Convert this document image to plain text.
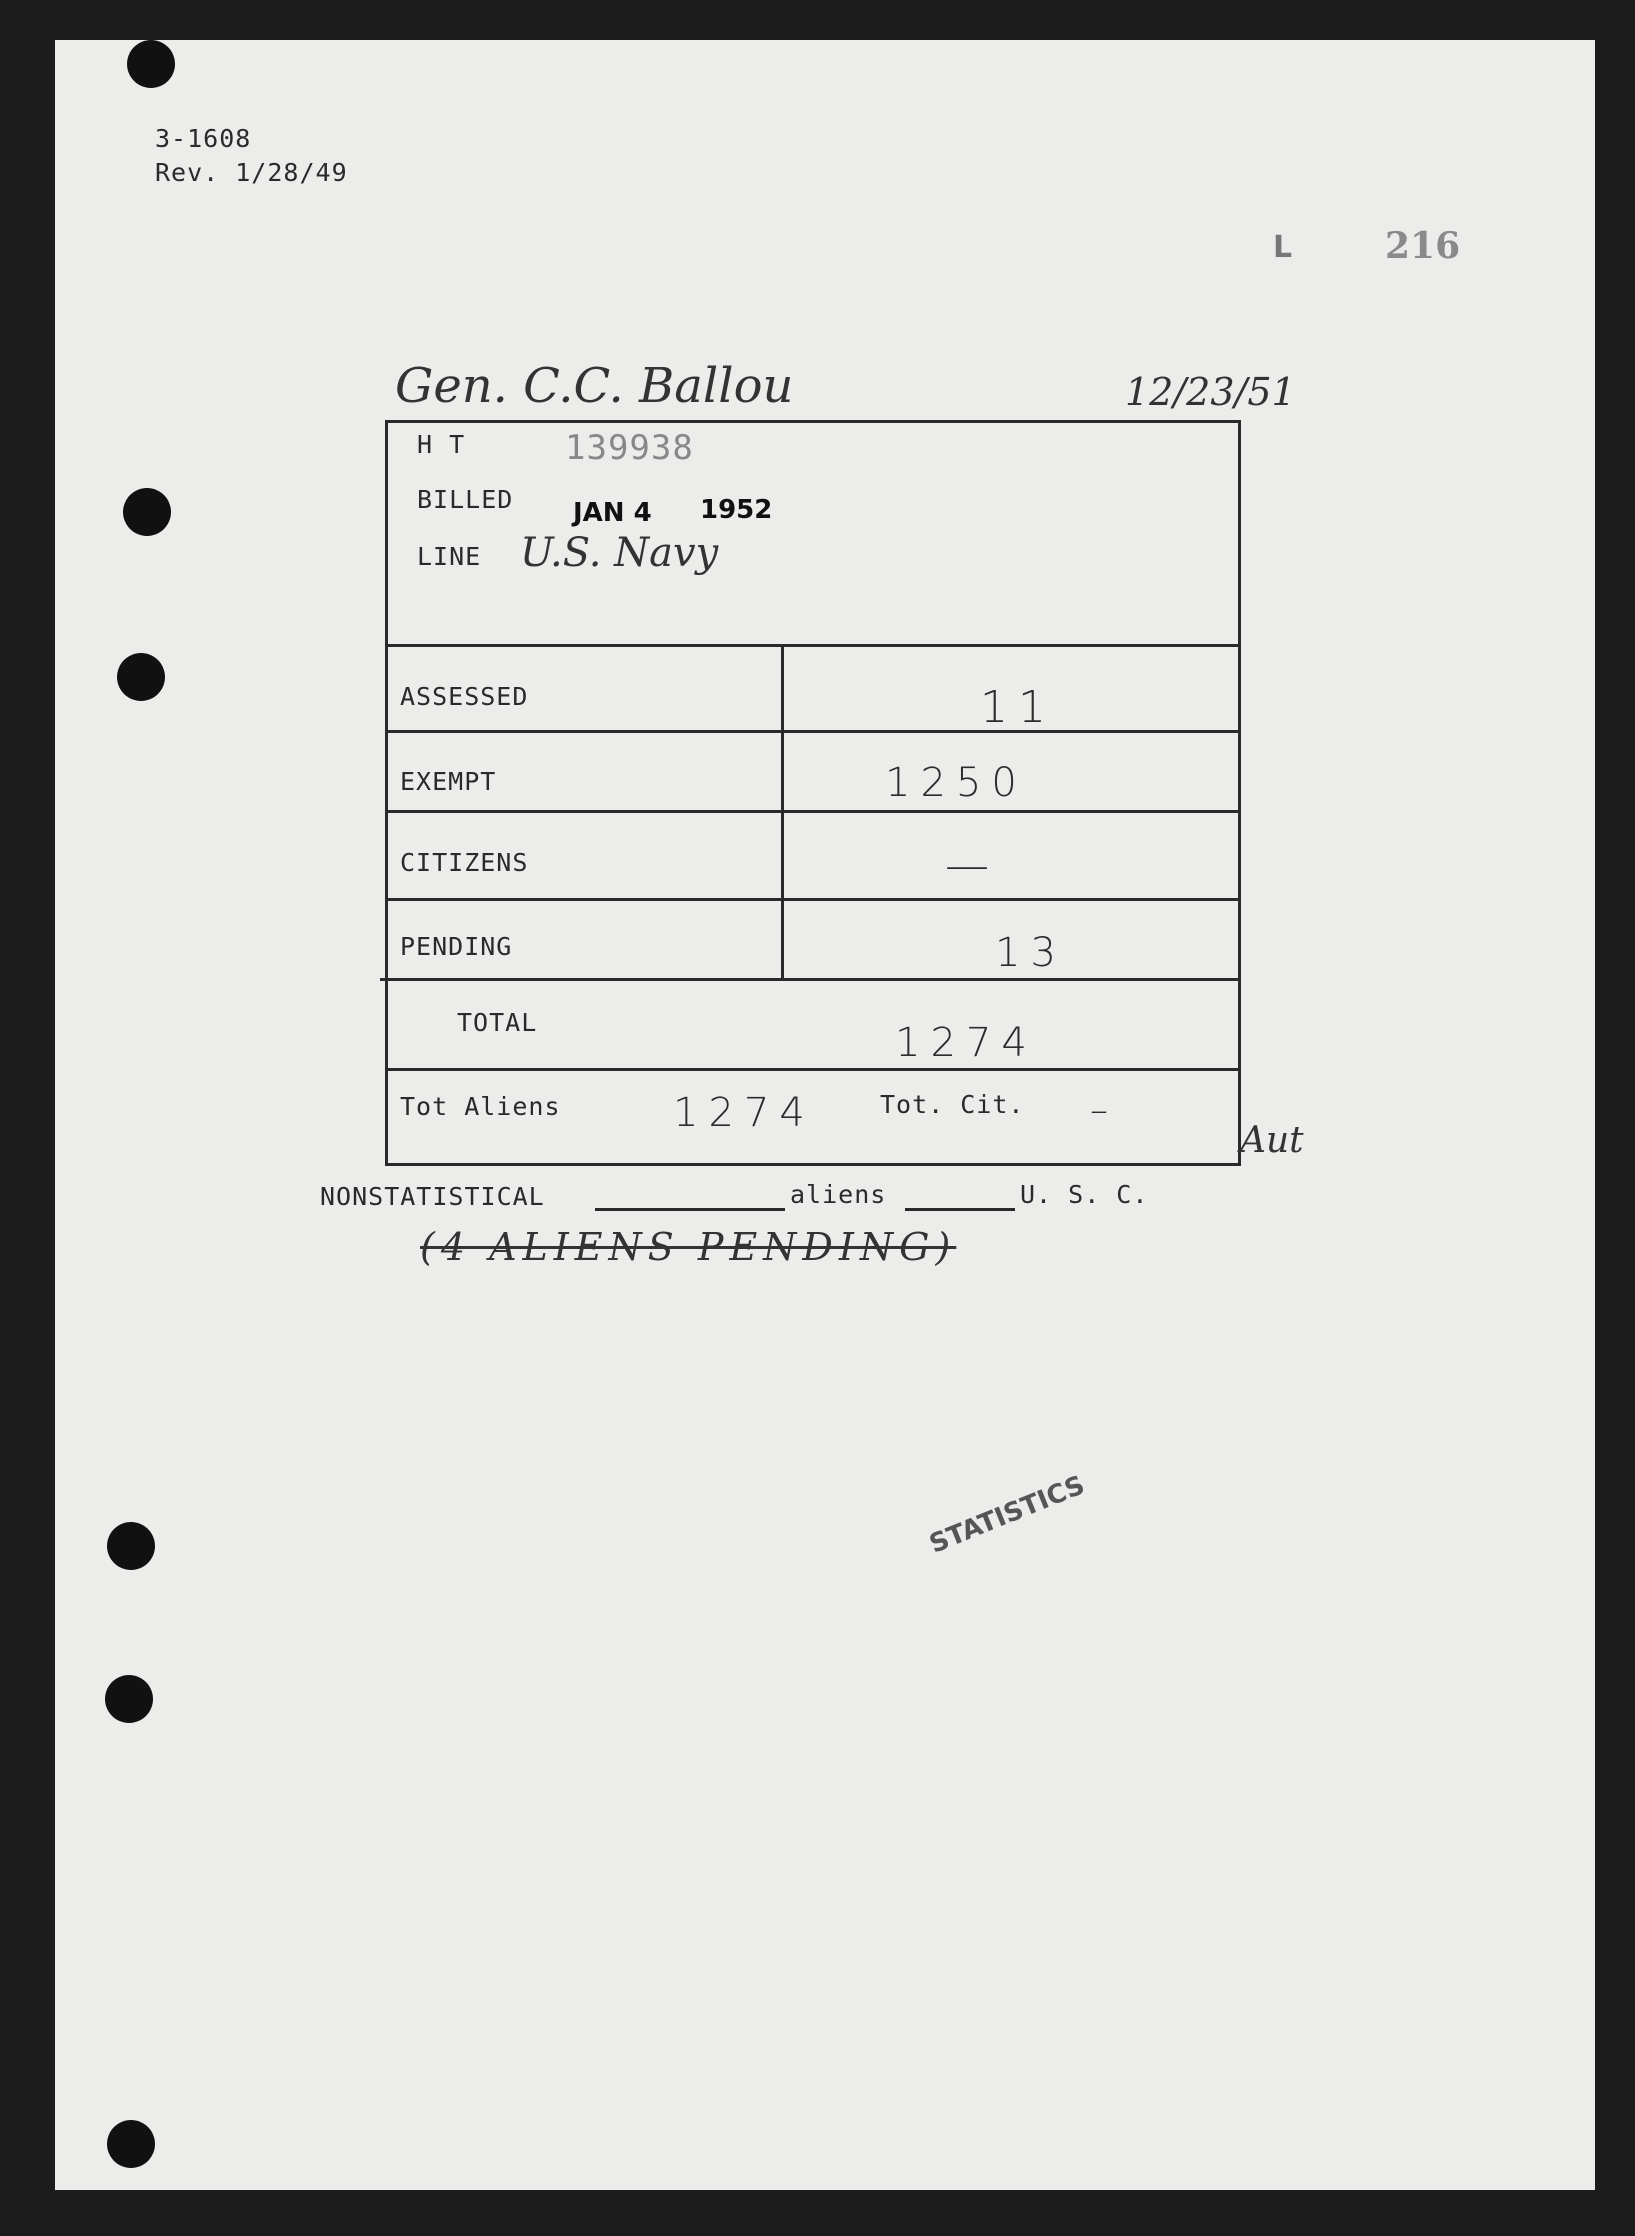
3-1608
Rev. 1/28/49
L	216
Gen. C.C. Ballou	12/23/51
H T	139938
BILLED JAN 4 1952
LINE U.S. Navy
ASSESSED	11
EXEMPT	1250
CITIZENS	—
PENDING	13
TOTAL	1274
Tot Aliens	1274	Tot. Cit. –
Aut
NONSTATISTICAL	aliens	U. S. C.
(4 ALIENS PENDING)
STATISTICS
